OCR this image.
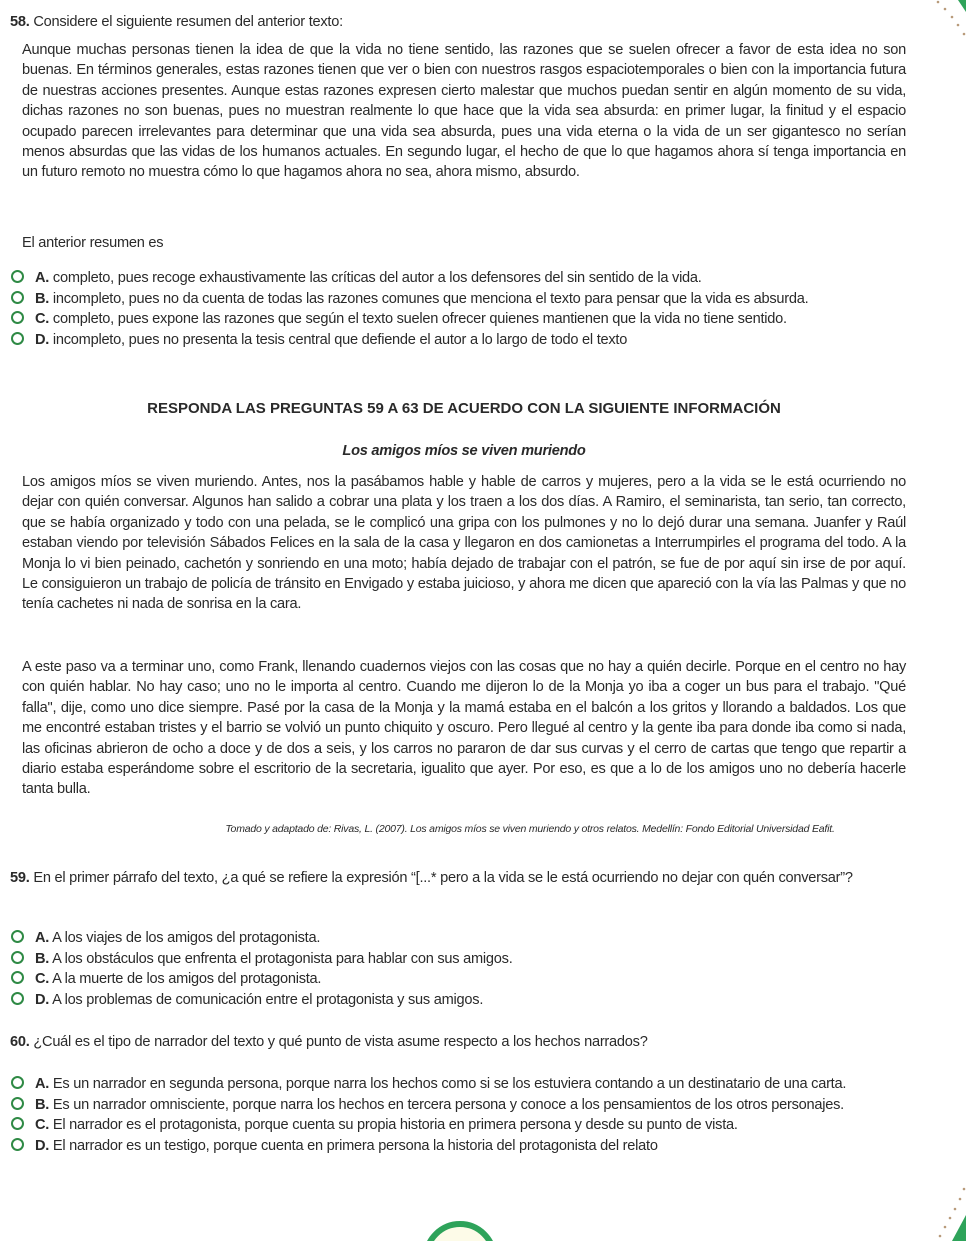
58. Considere el siguiente resumen del anterior texto:

Aunque muchas personas tienen la idea de que la vida no tiene sentido, las razones que se suelen ofrecer a favor de esta idea no son buenas. En términos generales, estas razones tienen que ver o bien con nuestros rasgos espaciotemporales o bien con la importancia futura de nuestras acciones presentes. Aunque estas razones expresen cierto malestar que muchos puedan sentir en algún momento de su vida, dichas razones no son buenas, pues no muestran realmente lo que hace que la vida sea absurda: en primer lugar, la finitud y el espacio ocupado parecen irrelevantes para determinar que una vida sea absurda, pues una vida eterna o la vida de un ser gigantesco no serían menos absurdas que las vidas de los humanos actuales. En segundo lugar, el hecho de que lo que hagamos ahora sí tenga importancia en un futuro remoto no muestra cómo lo que hagamos ahora no sea, ahora mismo, absurdo.

El anterior resumen es

A. completo, pues recoge exhaustivamente las críticas del autor a los defensores del sin sentido de la vida.
B. incompleto, pues no da cuenta de todas las razones comunes que menciona el texto para pensar que la vida es absurda.
C. completo, pues expone las razones que según el texto suelen ofrecer quienes mantienen que la vida no tiene sentido.
D. incompleto, pues no presenta la tesis central que defiende el autor a lo largo de todo el texto
RESPONDA LAS PREGUNTAS 59 A 63 DE ACUERDO CON LA SIGUIENTE INFORMACIÓN
Los amigos míos se viven muriendo

Los amigos míos se viven muriendo. Antes, nos la pasábamos hable y hable de carros y mujeres, pero a la vida se le está ocurriendo no dejar con quién conversar. Algunos han salido a cobrar una plata y los traen a los dos días. A Ramiro, el seminarista, tan serio, tan correcto, que se había organizado y todo con una pelada, se le complicó una gripa con los pulmones y no lo dejó durar una semana. Juanfer y Raúl estaban viendo por televisión Sábados Felices en la sala de la casa y llegaron en dos camionetas a Interrumpirles el programa del todo. A la Monja lo vi bien peinado, cachetón y sonriendo en una moto; había dejado de trabajar con el patrón, se fue de por aquí sin irse de por aquí. Le consiguieron un trabajo de policía de tránsito en Envigado y estaba juicioso, y ahora me dicen que apareció con la vía las Palmas y que no tenía cachetes ni nada de sonrisa en la cara.

A este paso va a terminar uno, como Frank, llenando cuadernos viejos con las cosas que no hay a quién decirle. Porque en el centro no hay con quién hablar. No hay caso; uno no le importa al centro. Cuando me dijeron lo de la Monja yo iba a coger un bus para el trabajo. "Qué falla", dije, como uno dice siempre. Pasé por la casa de la Monja y la mamá estaba en el balcón a los gritos y llorando a baldados. Los que me encontré estaban tristes y el barrio se volvió un punto chiquito y oscuro. Pero llegué al centro y la gente iba para donde iba como si nada, las oficinas abrieron de ocho a doce y de dos a seis, y los carros no pararon de dar sus curvas y el cerro de cartas que tengo que repartir a diario estaba esperándome sobre el escritorio de la secretaria, igualito que ayer. Por eso, es que a lo de los amigos uno no debería hacerle tanta bulla.

Tomado y adaptado de: Rivas, L. (2007). Los amigos míos se viven muriendo y otros relatos. Medellín: Fondo Editorial Universidad Eafit.

59. En el primer párrafo del texto, ¿a qué se refiere la expresión “[...* pero a la vida se le está ocurriendo no dejar con quén conversar”?

A. A los viajes de los amigos del protagonista.
B. A los obstáculos que enfrenta el protagonista para hablar con sus amigos.
C. A la muerte de los amigos del protagonista.
D. A los problemas de comunicación entre el protagonista y sus amigos.

60. ¿Cuál es el tipo de narrador del texto y qué punto de vista asume respecto a los hechos narrados?

A. Es un narrador en segunda persona, porque narra los hechos como si se los estuviera contando a un destinatario de una carta.
B. Es un narrador omnisciente, porque narra los hechos en tercera persona y conoce a los pensamientos de los otros personajes.
C. El narrador es el protagonista, porque cuenta su propia historia en primera persona y desde su punto de vista.
D. El narrador es un testigo, porque cuenta en primera persona la historia del protagonista del relato
